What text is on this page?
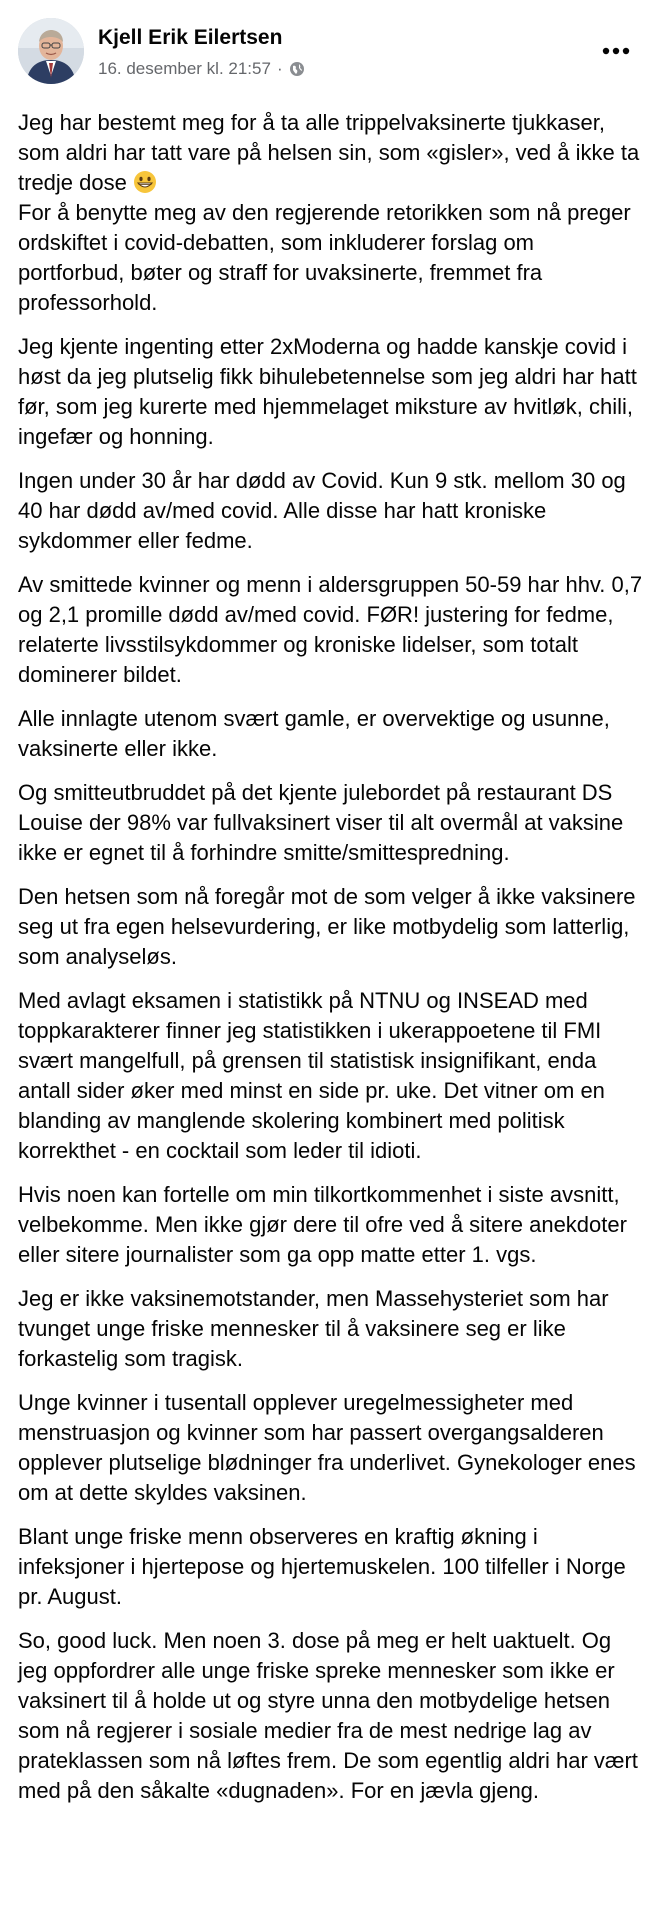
Kjell Erik Eilertsen
16. desember kl. 21:57 ·

Jeg har bestemt meg for å ta alle trippelvaksinerte tjukkaser, som aldri har tatt vare på helsen sin, som «gisler», ved å ikke ta tredje dose
For å benytte meg av den regjerende retorikken som nå preger ordskiftet i covid-debatten, som inkluderer forslag om portforbud, bøter og straff for uvaksinerte, fremmet fra professorhold.

Jeg kjente ingenting etter 2xModerna og hadde kanskje covid i høst da jeg plutselig fikk bihulebetennelse som jeg aldri har hatt før, som jeg kurerte med hjemmelaget miksture av hvitløk, chili, ingefær og honning.

Ingen under 30 år har dødd av Covid. Kun 9 stk. mellom 30 og 40 har dødd av/med covid. Alle disse har hatt kroniske sykdommer eller fedme.

Av smittede kvinner og menn i aldersgruppen 50-59 har hhv. 0,7 og 2,1 promille dødd av/med covid. FØR! justering for fedme, relaterte livsstilsykdommer og kroniske lidelser, som totalt dominerer bildet.

Alle innlagte utenom svært gamle, er overvektige og usunne, vaksinerte eller ikke.

Og smitteutbruddet på det kjente julebordet på restaurant DS Louise der 98% var fullvaksinert viser til alt overmål at vaksine ikke er egnet til å forhindre smitte/smittespredning.

Den hetsen som nå foregår mot de som velger å ikke vaksinere seg ut fra egen helsevurdering, er like motbydelig som latterlig, som analyseløs.

Med avlagt eksamen i statistikk på NTNU og INSEAD med toppkarakterer finner jeg statistikken i ukerappoetene til FMI svært mangelfull, på grensen til statistisk insignifikant, enda antall sider øker med minst en side pr. uke. Det vitner om en blanding av manglende skolering kombinert med politisk korrekthet - en cocktail som leder til idioti.

Hvis noen kan fortelle om min tilkortkommenhet i siste avsnitt, velbekomme. Men ikke gjør dere til ofre ved å sitere anekdoter eller sitere journalister som ga opp matte etter 1. vgs.

Jeg er ikke vaksinemotstander, men Massehysteriet som har tvunget unge friske mennesker til å vaksinere seg er like forkastelig som tragisk.

Unge kvinner i tusentall opplever uregelmessigheter med menstruasjon og kvinner som har passert overgangsalderen opplever plutselige blødninger fra underlivet. Gynekologer enes om at dette skyldes vaksinen.

Blant unge friske menn observeres en kraftig økning i infeksjoner i hjertepose og hjertemuskelen. 100 tilfeller i Norge pr. August.

So, good luck. Men noen 3. dose på meg er helt uaktuelt. Og jeg oppfordrer alle unge friske spreke mennesker som ikke er vaksinert til å holde ut og styre unna den motbydelige hetsen som nå regjerer i sosiale medier fra de mest nedrige lag av prateklassen som nå løftes frem. De som egentlig aldri har vært med på den såkalte «dugnaden». For en jævla gjeng.
